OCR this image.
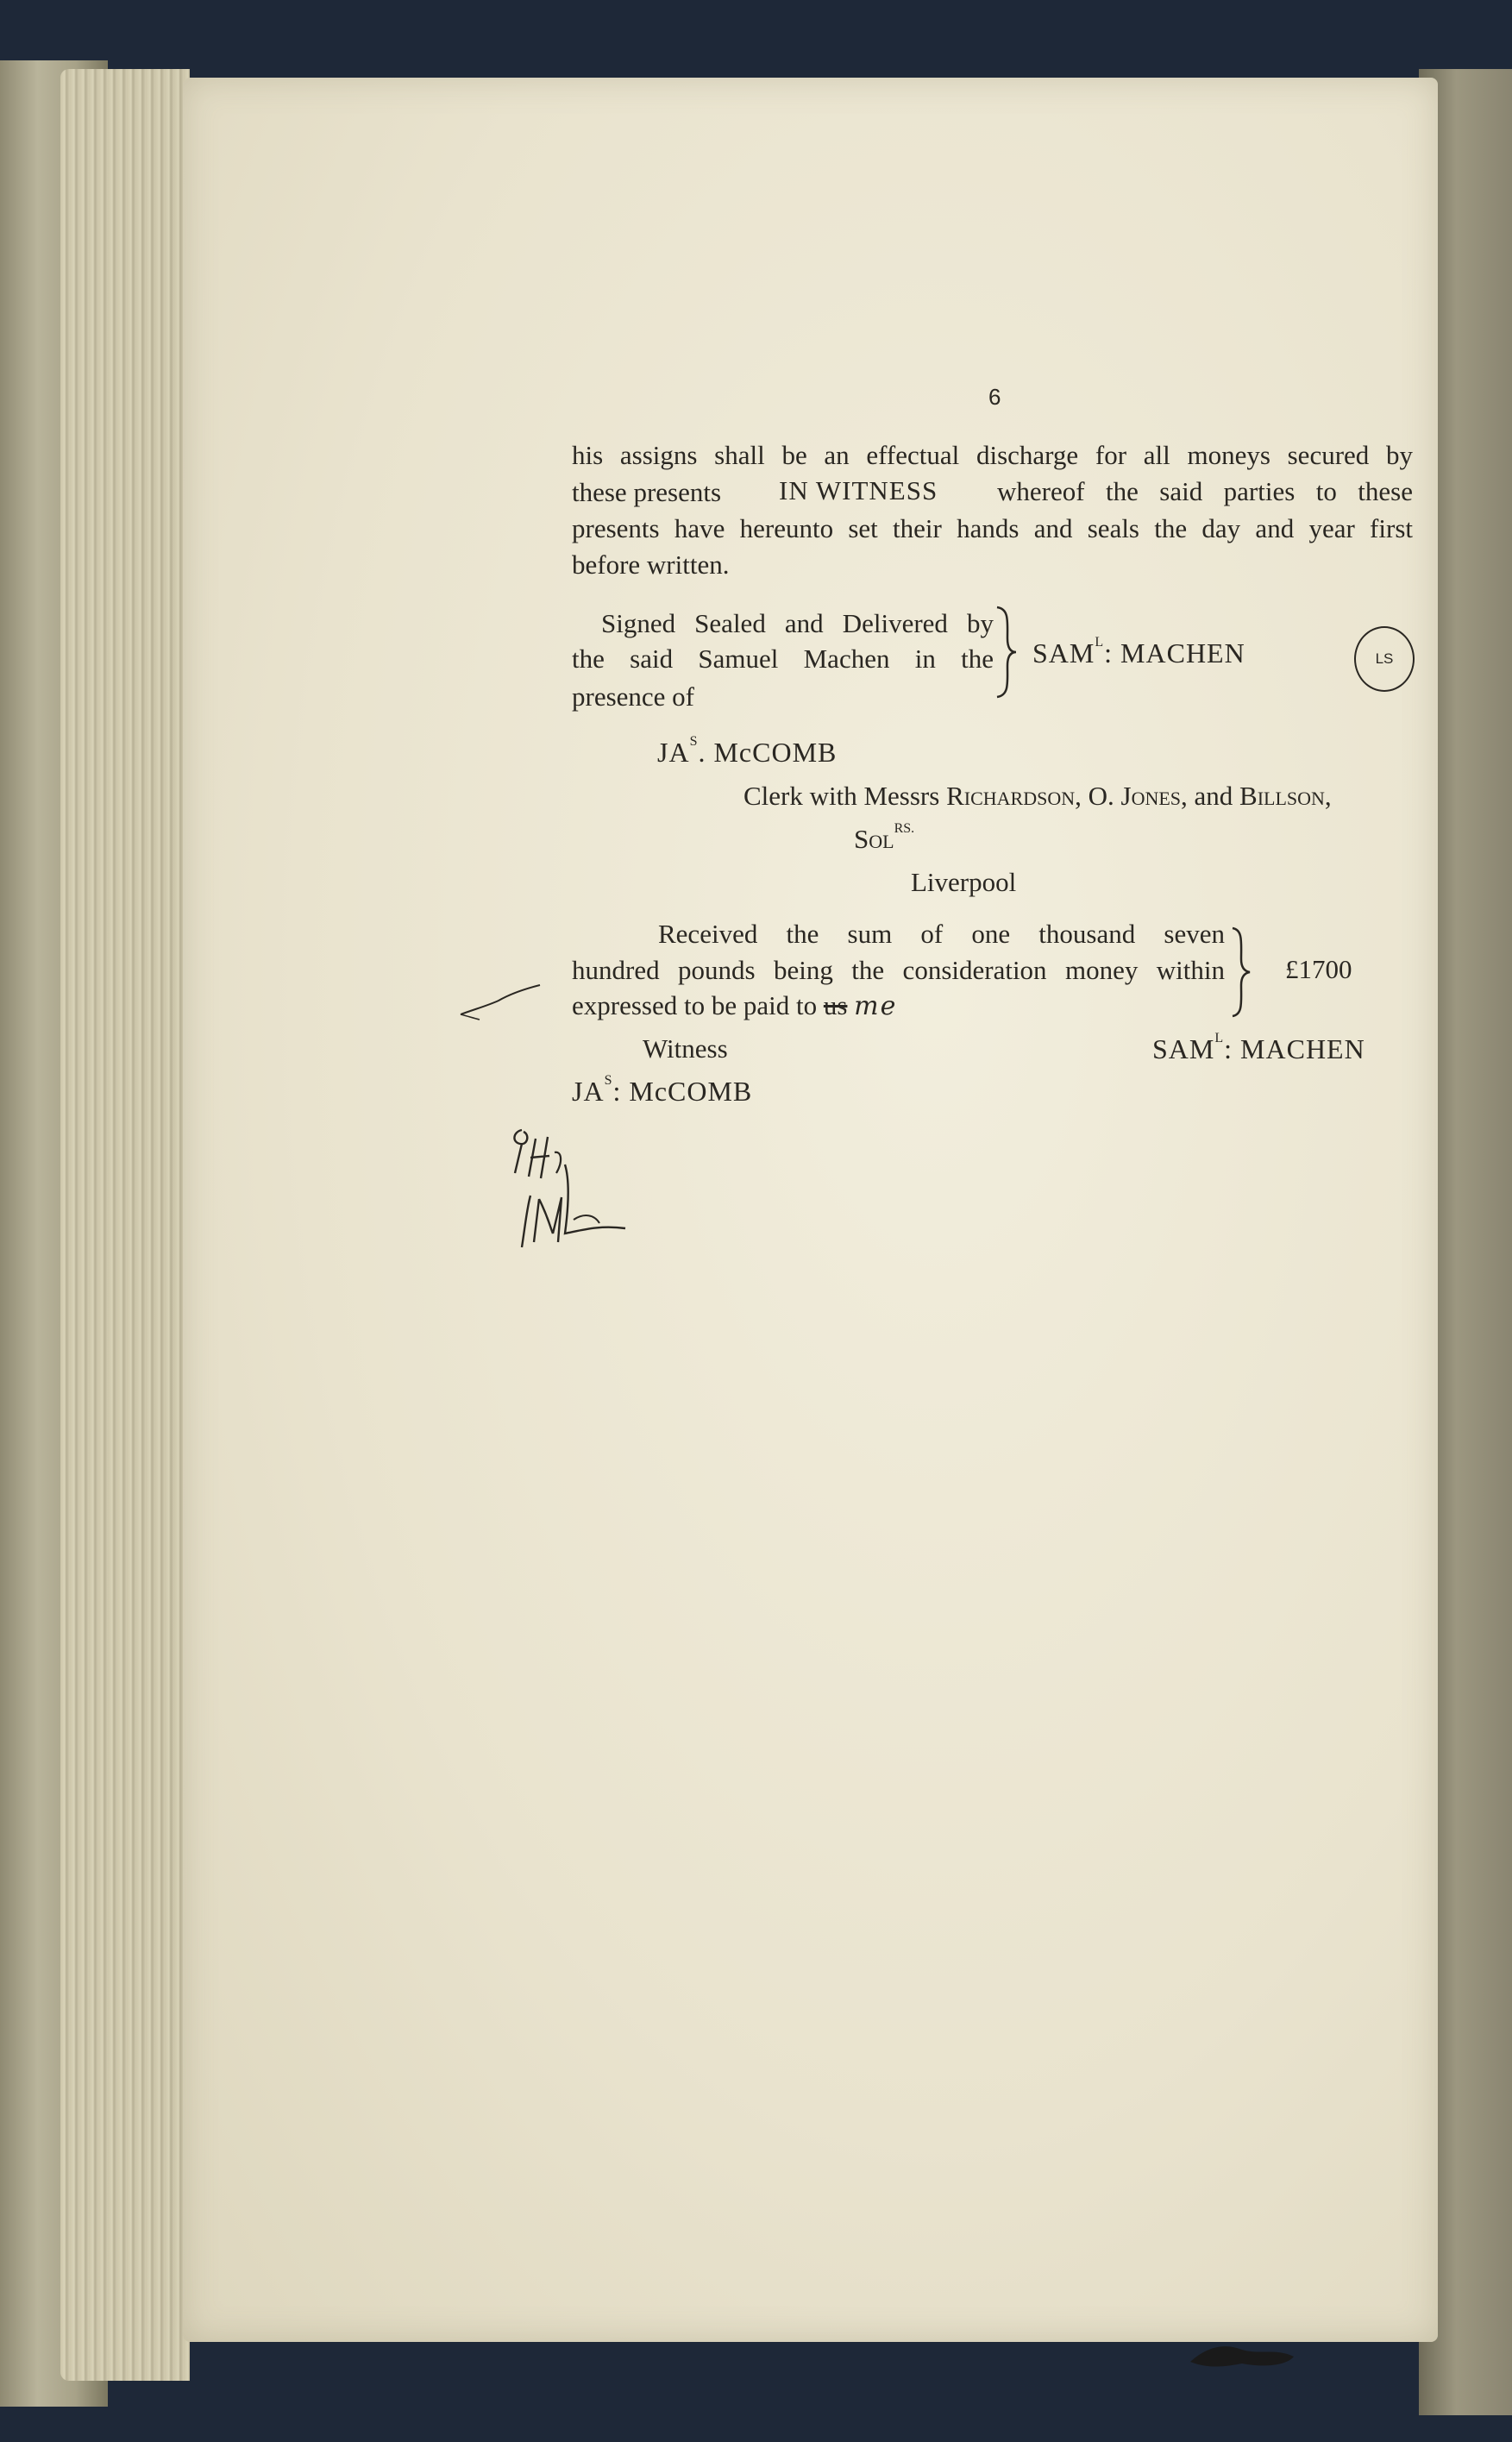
6
his assigns shall be an effectual discharge for all moneys secured by
these presents IN WITNESS whereof the said parties to these
presents have hereunto set their hands and seals the day and year first
before written.
Signed Sealed and Delivered by
the said Samuel Machen in the
presence of
$SAM^L$: MACHEN	LS
$JA^S$. McCOMB
Clerk with Messrs Richardson, O. Jones, and Billson,
Sol$^{RS.}$
Liverpool
Received the sum of one thousand seven
hundred pounds being the consideration money within
expressed to be paid to us me
£1700
Witness	$SAM^L$: MACHEN
$JA^S$: McCOMB
